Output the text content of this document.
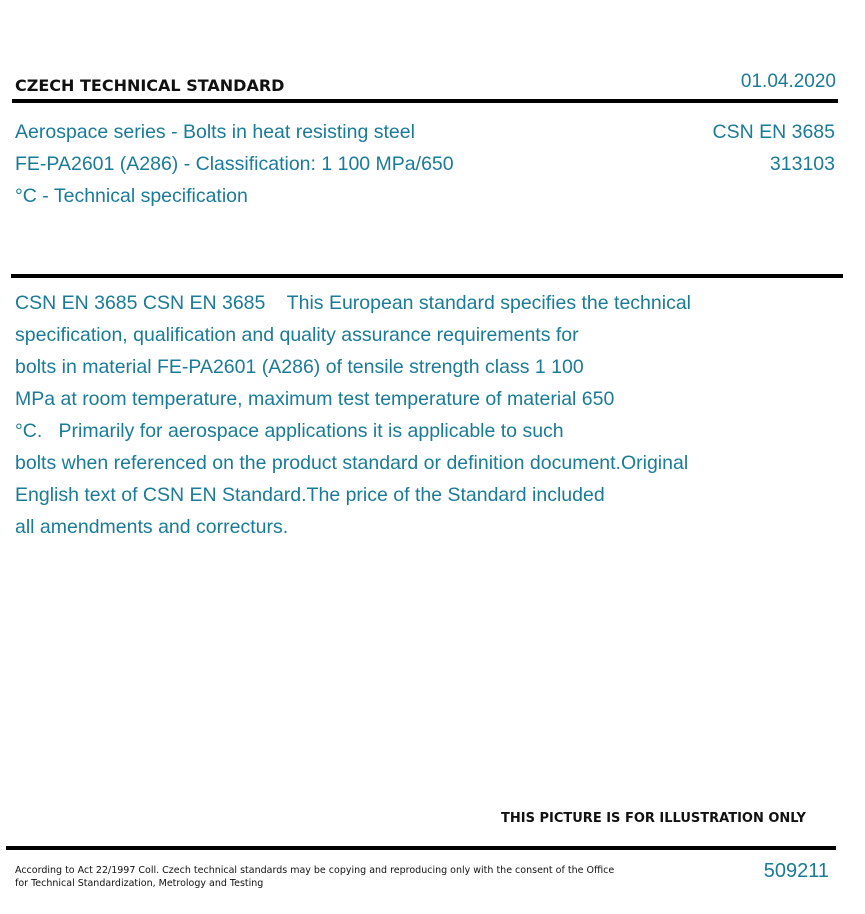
CZECH TECHNICAL STANDARD	01.04.2020
Aerospace series - Bolts in heat resisting steel
FE-PA2601 (A286) - Classification: 1 100 MPa/650
°C - Technical specification
CSN EN 3685
313103
CSN EN 3685 CSN EN 3685    This European standard specifies the technical
specification, qualification and quality assurance requirements for
bolts in material FE-PA2601 (A286) of tensile strength class 1 100
MPa at room temperature, maximum test temperature of material 650
°C.   Primarily for aerospace applications it is applicable to such
bolts when referenced on the product standard or definition document.Original
English text of CSN EN Standard.The price of the Standard included
all amendments and correcturs.
THIS PICTURE IS FOR ILLUSTRATION ONLY
According to Act 22/1997 Coll. Czech technical standards may be copying and reproducing only with the consent of the Office
for Technical Standardization, Metrology and Testing
509211
